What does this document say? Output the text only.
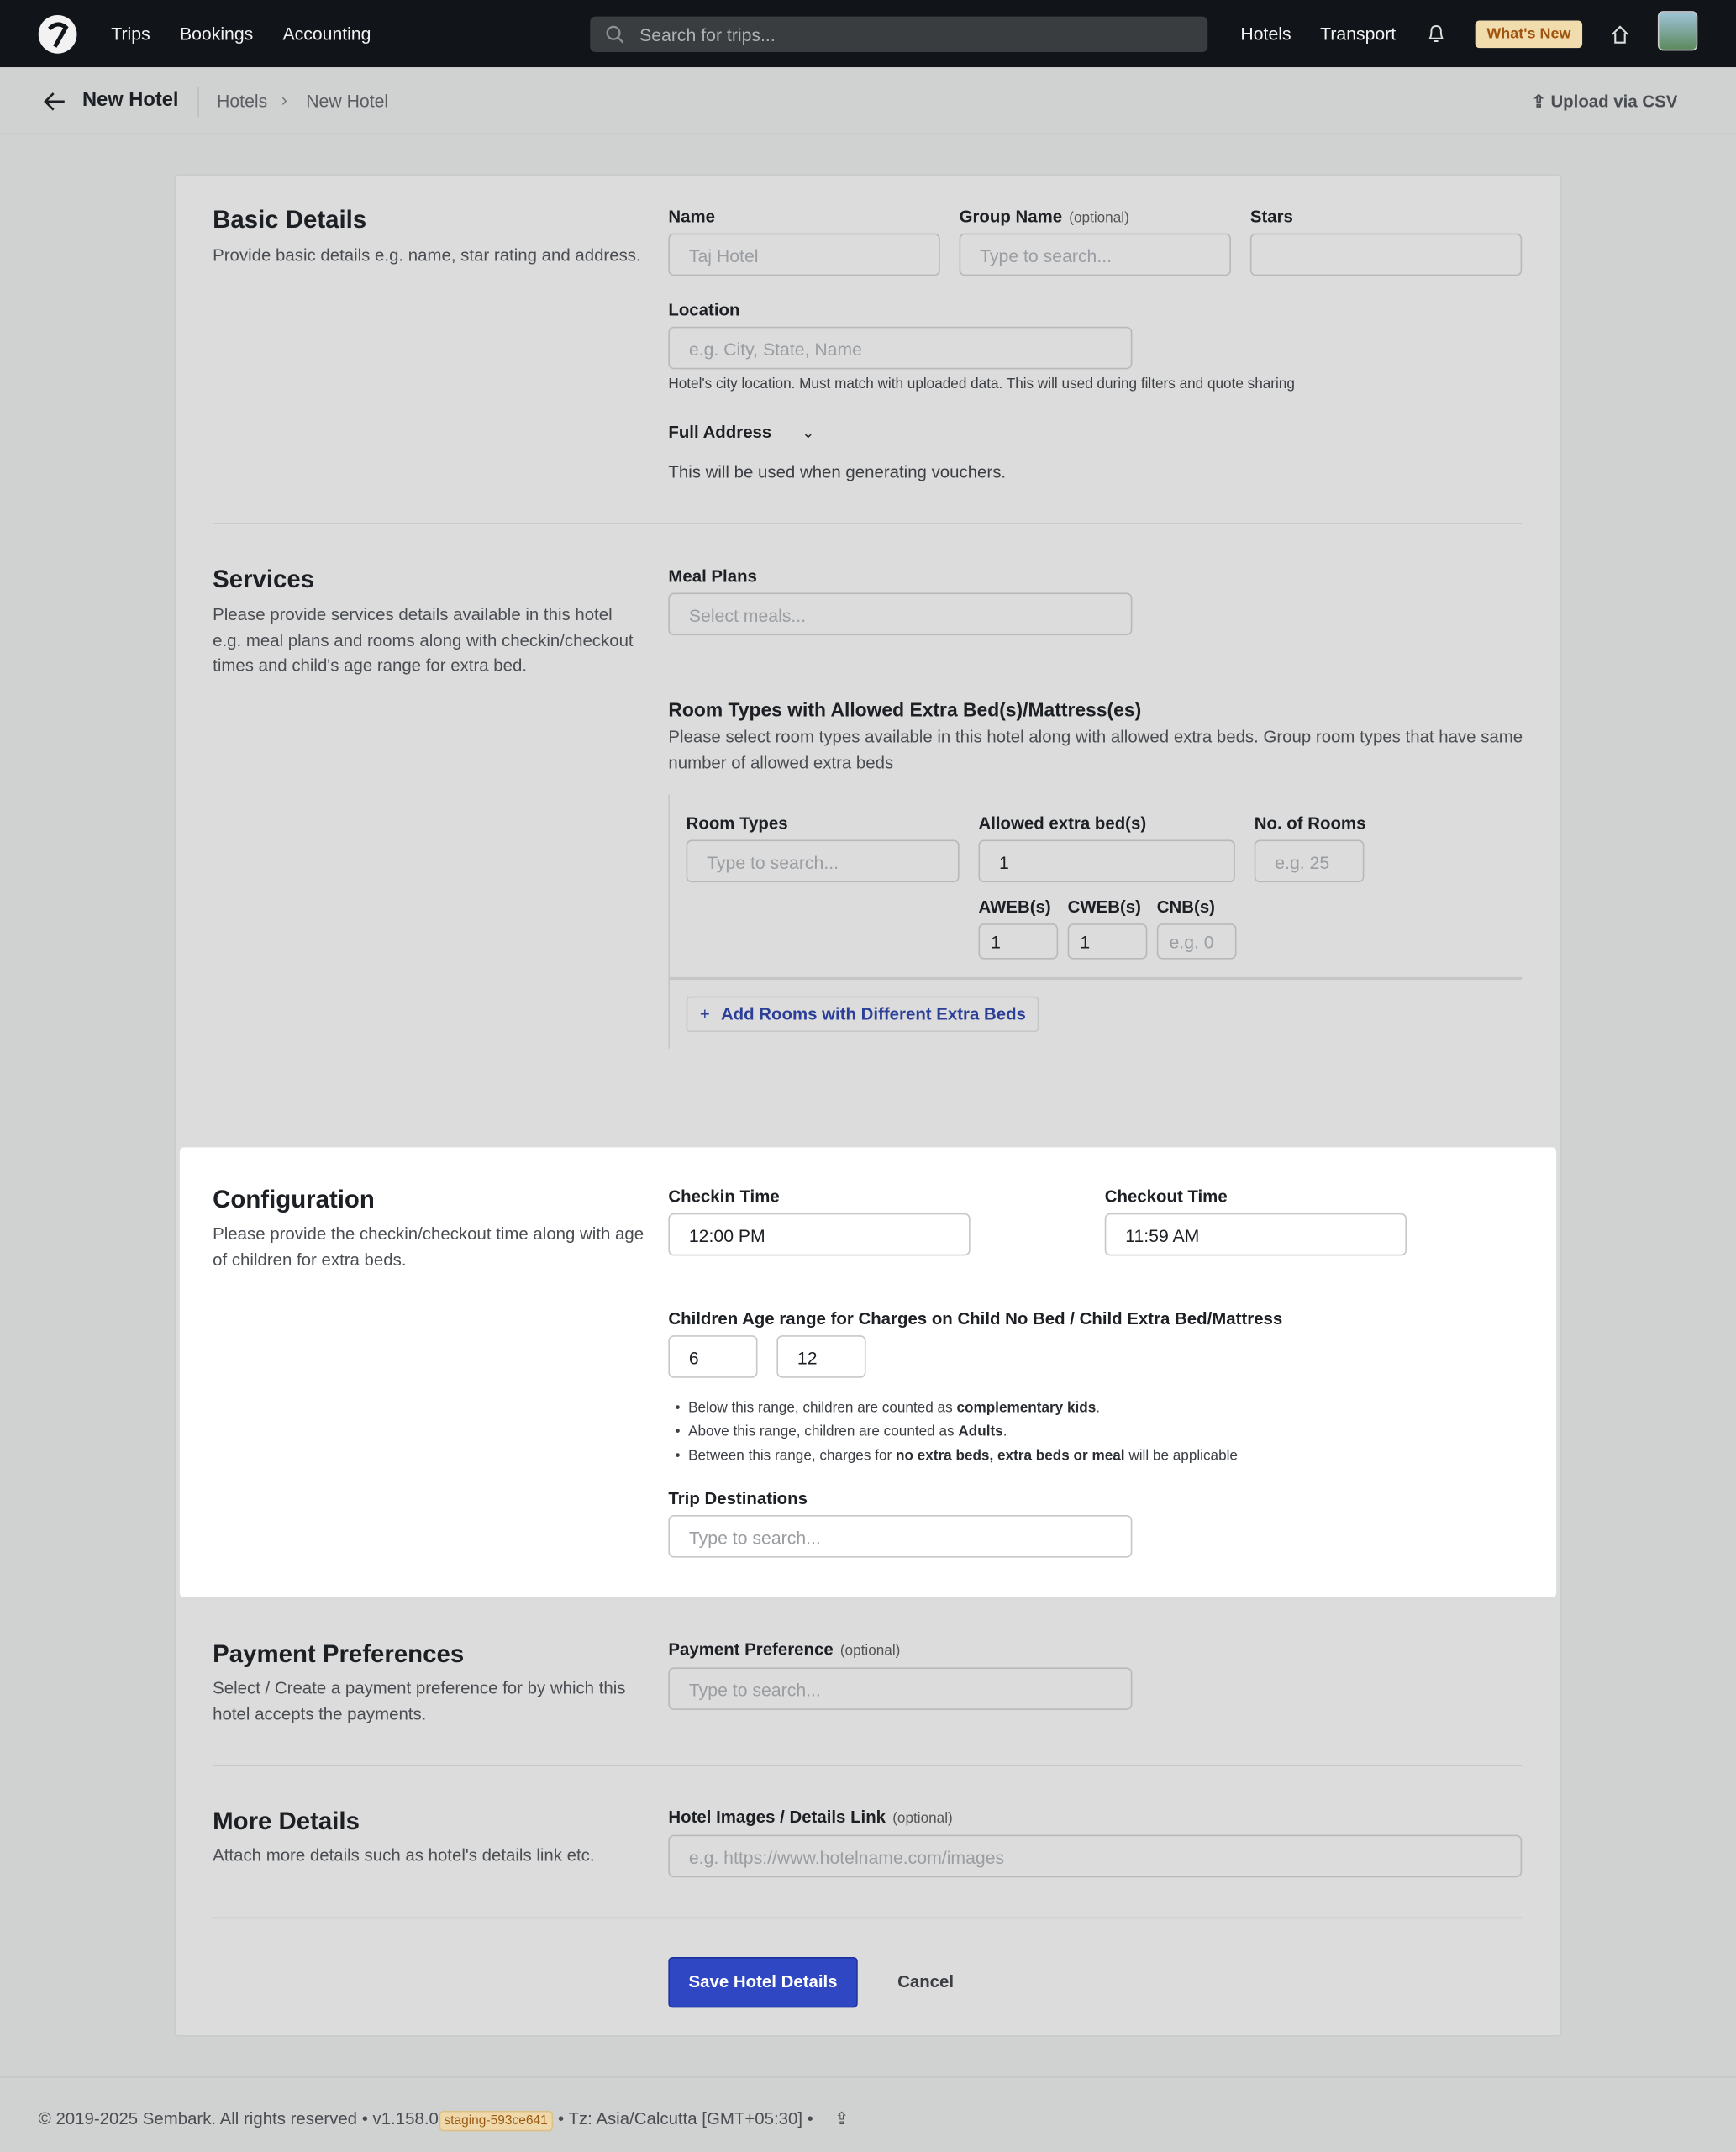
Trips	Bookings	Accounting	Search for trips...	Hotels	Transport	What's New
New Hotel	Hotels › New Hotel	⇪ Upload via CSV
Basic Details
Provide basic details e.g. name, star rating and address.
Name
Taj Hotel
Group Name (optional)
Type to search...
Stars
Location
e.g. City, State, Name
Hotel's city location. Must match with uploaded data. This will used during filters and quote sharing
Full Address	⌄
This will be used when generating vouchers.
Services
Please provide services details available in this hotel e.g. meal plans and rooms along with checkin/checkout times and child's age range for extra bed.
Meal Plans
Select meals...
Room Types with Allowed Extra Bed(s)/Mattress(es)
Please select room types available in this hotel along with allowed extra beds. Group room types that have same number of allowed extra beds
Room Types
Type to search...
Allowed extra bed(s)
1
No. of Rooms
e.g. 25
AWEB(s) CWEB(s) CNB(s)
1	1	e.g. 0
+ Add Rooms with Different Extra Beds
Configuration
Please provide the checkin/checkout time along with age of children for extra beds.
Checkin Time
12:00 PM
Checkout Time
11:59 AM
Children Age range for Charges on Child No Bed / Child Extra Bed/Mattress
6	12
•  Below this range, children are counted as complementary kids.
•  Above this range, children are counted as Adults.
•  Between this range, charges for no extra beds, extra beds or meal will be applicable
Trip Destinations
Type to search...
Payment Preferences
Select / Create a payment preference for by which this hotel accepts the payments.
Payment Preference (optional)
Type to search...
More Details
Attach more details such as hotel's details link etc.
Hotel Images / Details Link (optional)
e.g. https://www.hotelname.com/images
Save Hotel Details	Cancel
© 2019-2025 Sembark. All rights reserved • v1.158.0 staging-593ce641 • Tz: Asia/Calcutta [GMT+05:30] • ⇪
